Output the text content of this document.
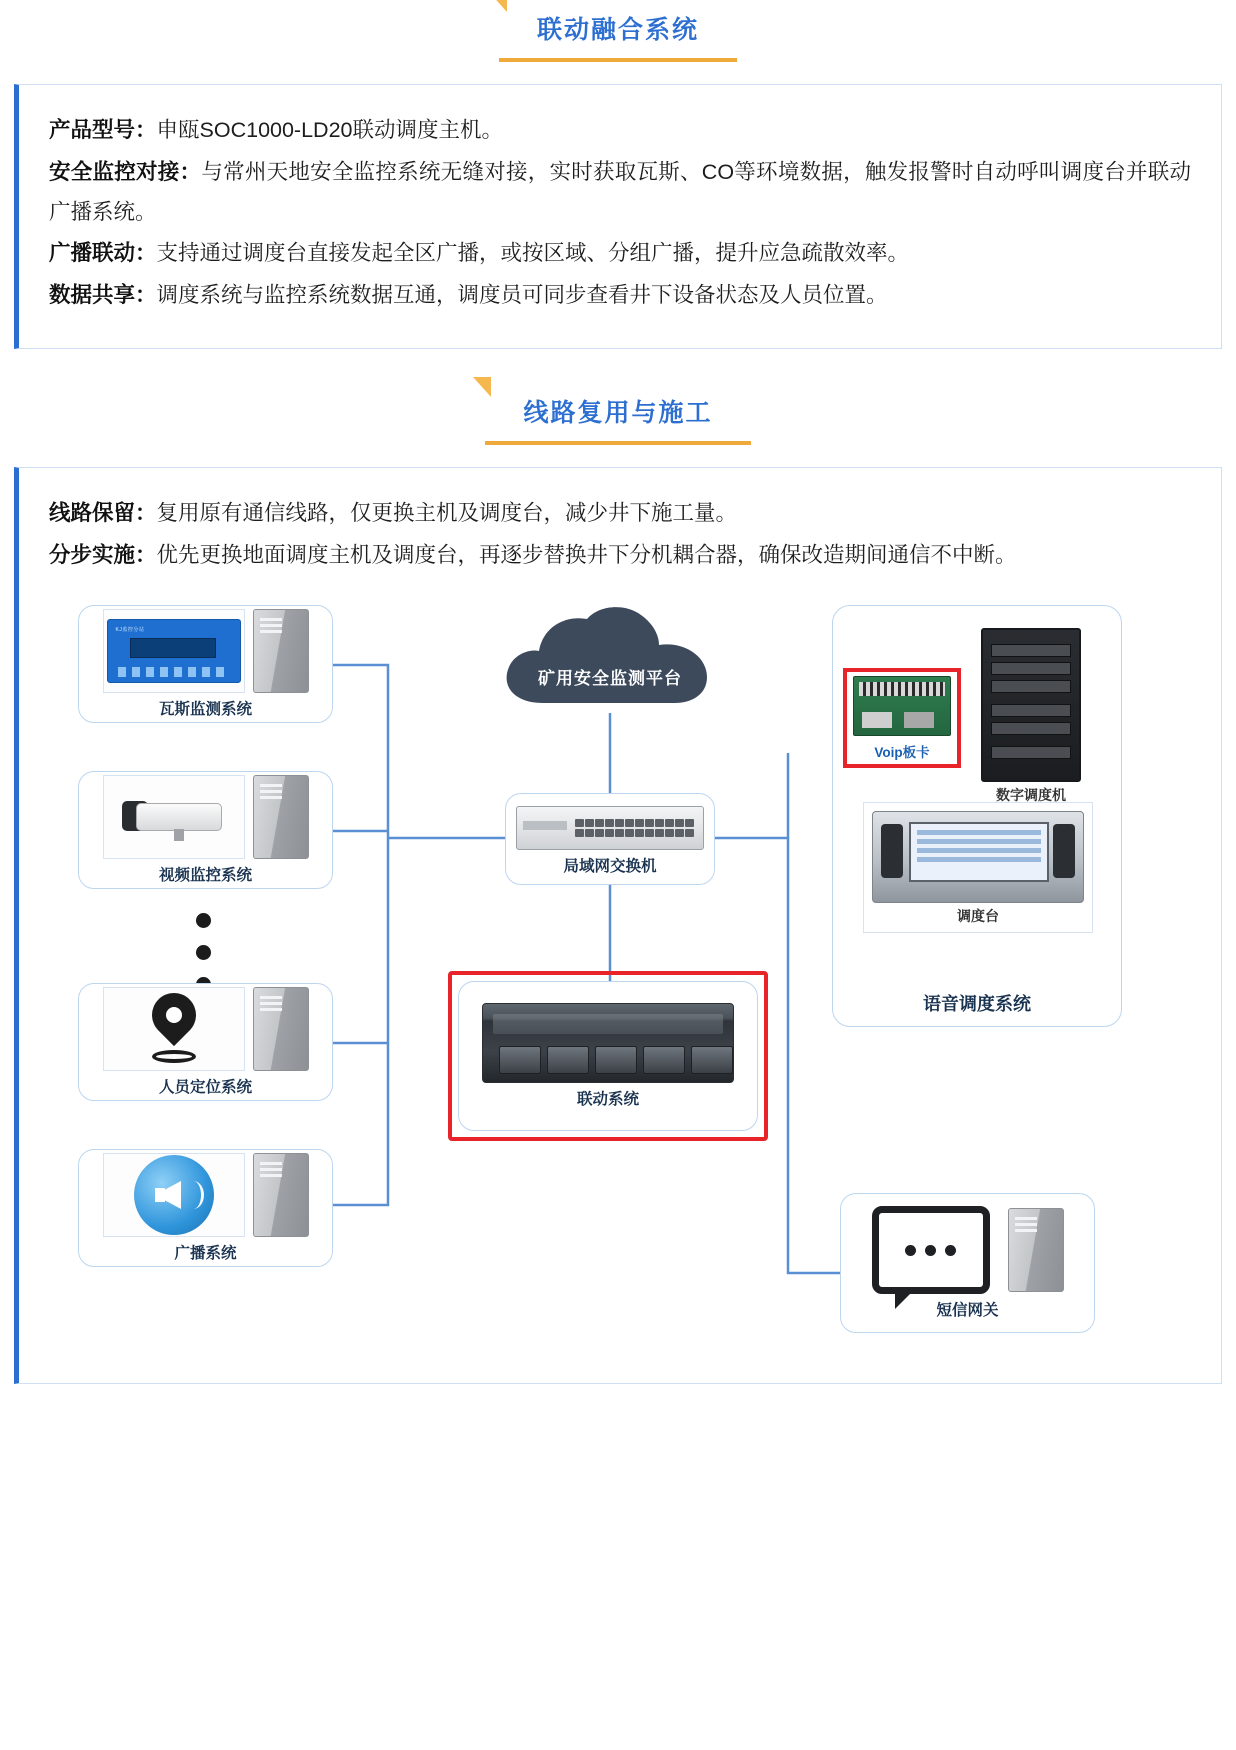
联动融合系统

产品型号：申瓯SOC1000-LD20联动调度主机。

安全监控对接：与常州天地安全监控系统无缝对接，实时获取瓦斯、CO等环境数据，触发报警时自动呼叫调度台并联动广播系统。

广播联动：支持通过调度台直接发起全区广播，或按区域、分组广播，提升应急疏散效率。

数据共享：调度系统与监控系统数据互通，调度员可同步查看井下设备状态及人员位置。

线路复用与施工

线路保留：复用原有通信线路，仅更换主机及调度台，减少井下施工量。

分步实施：优先更换地面调度主机及调度台，再逐步替换井下分机耦合器，确保改造期间通信不中断。

矿用安全监测平台
KJ监控分站
瓦斯监测系统
视频监控系统
人员定位系统
广播系统
局域网交换机
联动系统
Voip板卡
数字调度机
调度台
语音调度系统
短信网关
